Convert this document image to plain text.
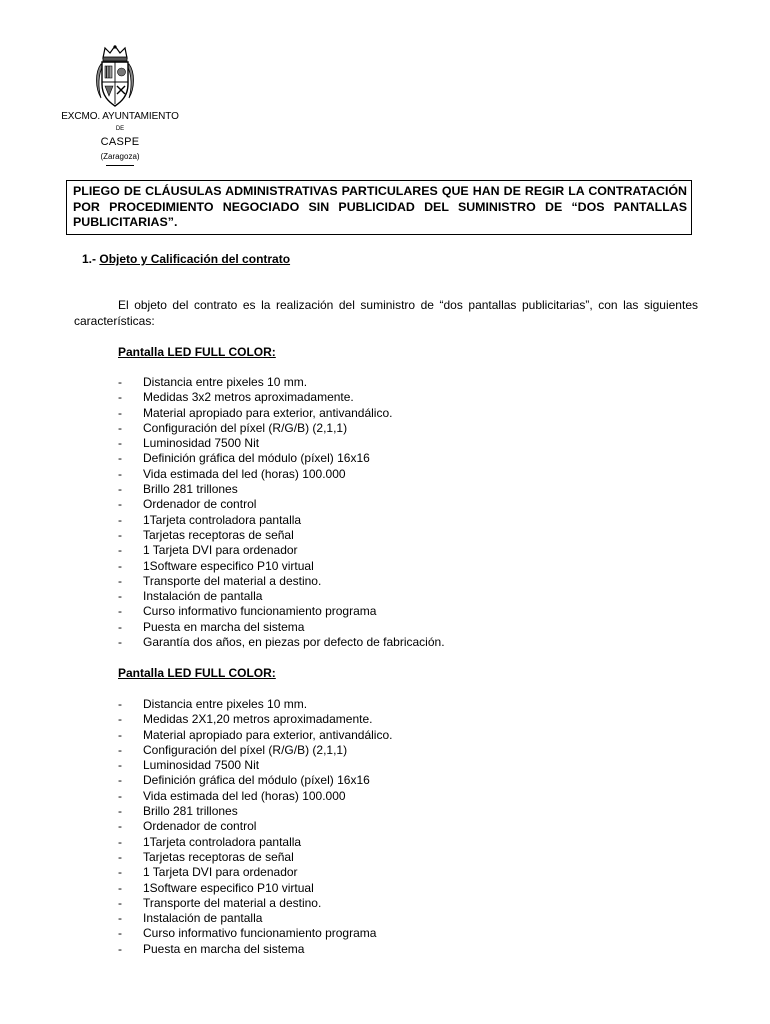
EXCMO. AYUNTAMIENTO
DE
CASPE
(Zaragoza)
PLIEGO DE CLÁUSULAS ADMINISTRATIVAS PARTICULARES QUE HAN DE REGIR LA CONTRATACIÓN POR PROCEDIMIENTO NEGOCIADO SIN PUBLICIDAD DEL SUMINISTRO DE “DOS PANTALLAS PUBLICITARIAS”.
1.- Objeto y Calificación del contrato
El objeto del contrato es la realización del suministro de “dos pantallas publicitarias”, con las siguientes características:
Pantalla LED FULL COLOR:
- Distancia entre pixeles 10 mm.
- Medidas 3x2 metros aproximadamente.
- Material apropiado para exterior, antivandálico.
- Configuración del píxel (R/G/B) (2,1,1)
- Luminosidad 7500 Nit
- Definición gráfica del módulo (píxel) 16x16
- Vida estimada del led (horas) 100.000
- Brillo 281 trillones
- Ordenador de control
- 1Tarjeta controladora pantalla
- Tarjetas receptoras de señal
- 1 Tarjeta DVI para ordenador
- 1Software especifico P10 virtual
- Transporte del material a destino.
- Instalación de pantalla
- Curso informativo funcionamiento programa
- Puesta en marcha del sistema
- Garantía dos años, en piezas por defecto de fabricación.
Pantalla LED FULL COLOR:
- Distancia entre pixeles 10 mm.
- Medidas 2X1,20 metros aproximadamente.
- Material apropiado para exterior, antivandálico.
- Configuración del píxel (R/G/B) (2,1,1)
- Luminosidad 7500 Nit
- Definición gráfica del módulo (píxel) 16x16
- Vida estimada del led (horas) 100.000
- Brillo 281 trillones
- Ordenador de control
- 1Tarjeta controladora pantalla
- Tarjetas receptoras de señal
- 1 Tarjeta DVI para ordenador
- 1Software especifico P10 virtual
- Transporte del material a destino.
- Instalación de pantalla
- Curso informativo funcionamiento programa
- Puesta en marcha del sistema
